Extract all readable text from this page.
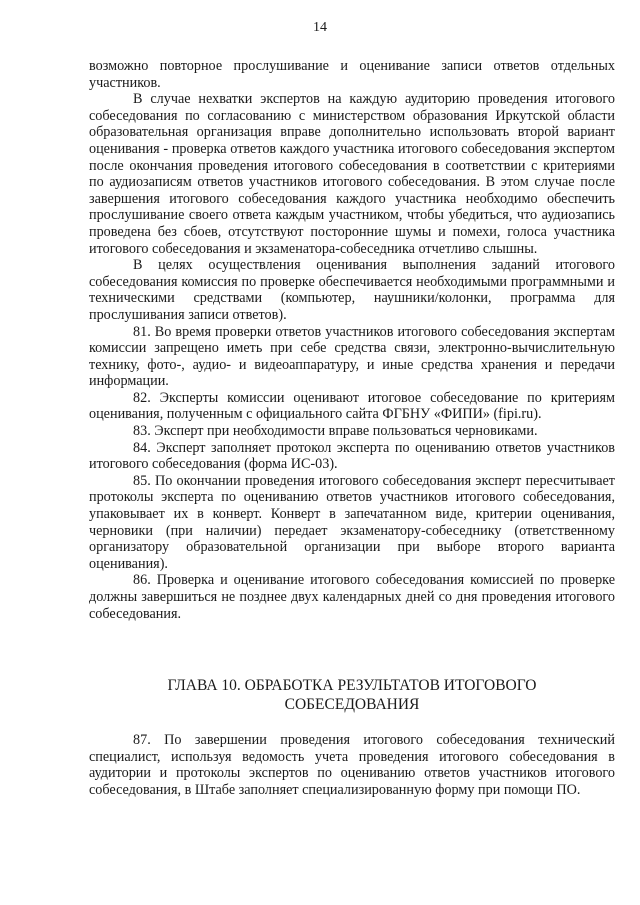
14

возможно повторное прослушивание и оценивание записи ответов отдельных участников.

В случае нехватки экспертов на каждую аудиторию проведения итогового собеседования по согласованию с министерством образования Иркутской области образовательная организация вправе дополнительно использовать второй вариант оценивания - проверка ответов каждого участника итогового собеседования экспертом после окончания проведения итогового собеседования в соответствии с критериями по аудиозаписям ответов участников итогового собеседования. В этом случае после завершения итогового собеседования каждого участника необходимо обеспечить прослушивание своего ответа каждым участником, чтобы убедиться, что аудиозапись проведена без сбоев, отсутствуют посторонние шумы и помехи, голоса участника итогового собеседования и экзаменатора-собеседника отчетливо слышны.

В целях осуществления оценивания выполнения заданий итогового собеседования комиссия по проверке обеспечивается необходимыми программными и техническими средствами (компьютер, наушники/колонки, программа для прослушивания записи ответов).

81. Во время проверки ответов участников итогового собеседования экспертам комиссии запрещено иметь при себе средства связи, электронно-вычислительную технику, фото-, аудио- и видеоаппаратуру, и иные средства хранения и передачи информации.

82. Эксперты комиссии оценивают итоговое собеседование по критериям оценивания, полученным с официального сайта ФГБНУ «ФИПИ» (fipi.ru).

83. Эксперт при необходимости вправе пользоваться черновиками.

84. Эксперт заполняет протокол эксперта по оцениванию ответов участников итогового собеседования (форма ИС-03).

85. По окончании проведения итогового собеседования эксперт пересчитывает протоколы эксперта по оцениванию ответов участников итогового собеседования, упаковывает их в конверт. Конверт в запечатанном виде, критерии оценивания, черновики (при наличии) передает экзаменатору-собеседнику (ответственному организатору образовательной организации при выборе второго варианта оценивания).

86. Проверка и оценивание итогового собеседования комиссией по проверке должны завершиться не позднее двух календарных дней со дня проведения итогового собеседования.

ГЛАВА 10. ОБРАБОТКА РЕЗУЛЬТАТОВ ИТОГОВОГО
СОБЕСЕДОВАНИЯ

87. По завершении проведения итогового собеседования технический специалист, используя ведомость учета проведения итогового собеседования в аудитории и протоколы экспертов по оцениванию ответов участников итогового собеседования, в Штабе заполняет специализированную форму при помощи ПО.
